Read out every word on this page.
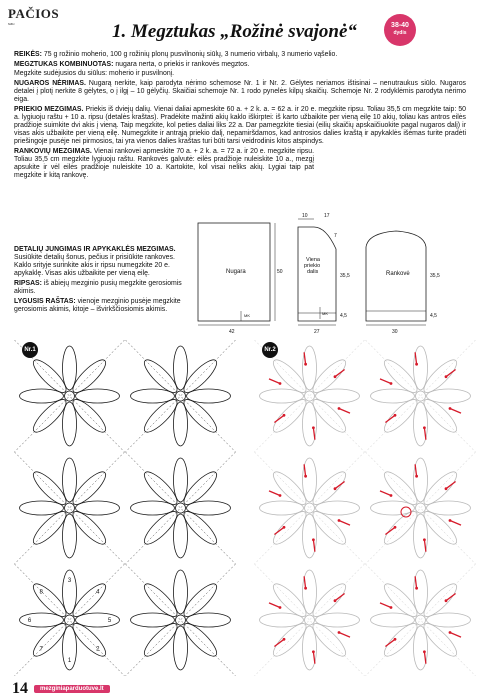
PAČIOS
sau	1. Megztukas „Rožinė svajonė“	38-40
dydis

REIKĖS: 75 g rožinio moherio, 100 g rožinių plonų pusvilnonių siūlų, 3 numerio virbalų, 3 numerio vąšelio.

MEGZTUKAS KOMBINUOTAS: nugara nerta, o priekis ir rankovės megztos.

Megzkite sudėjusios du siūlus: moherio ir pusvilnonį.

NUGAROS NĖRIMAS. Nugarą nerkite, kaip parodyta nėrimo schemose Nr. 1 ir Nr. 2. Gėlytes neriamos ištisinai – nenutraukus siūlo. Nugaros detalei į plotį nerkite 8 gėlytes, o į ilgį – 10 gėlyčių. Skaičiai schemoje Nr. 1 rodo pynelės kilpų skaičių. Schemoje Nr. 2 rodyklėmis parodyta nėrimo eiga.

PRIEKIO MEZGIMAS. Priekis iš dviejų dalių. Vienai daliai apmeskite 60 a. + 2 k. a. = 62 a. ir 20 e. megzkite ripsu. Toliau 35,5 cm megzkite taip: 50 a. lygiuoju raštu + 10 a. ripsu (detalės kraštas). Pradėkite mažinti akių kaklo iškirptei: iš karto užbaikite per vieną eilę 10 akių, toliau kas antros eilės pradžioje suimkite dvi akis į vieną. Taip megzkite, kol peties daliai liks 22 a. Dar pamegzkite tiesiai (eilių skaičių apskaičiuokite pagal nugaros dalį) ir visas akis užbaikite per vieną eilę. Numegzkite ir antrąją priekio dalį, nepamiršdamos, kad antrosios dalies kraštą ir apykaklės išėmas turite pradėti priešingoje pusėje nei pirmosios, tai yra vienos dalies kraštas turi būti tarsi veidrodinis kitos atspindys.

RANKOVIŲ MEZGIMAS. Vienai rankovei apmeskite 70 a. + 2 k. a. = 72 a. ir 20 e. megzkite ripsu. Toliau 35,5 cm megzkite lygiuoju raštu. Rankovės galvutė: eilės pradžioje nuleiskite 10 a., mezgį apsukite ir vėl eilės pradžioje nuleiskite 10 a. Kartokite, kol visai neliks akių. Lygiai taip pat megzkite ir kitą rankovę.

DETALIŲ JUNGIMAS IR APYKAKLĖS MEZGIMAS. Susiūkite detalių šonus, pečius ir prisiūkite rankoves. Kaklo srityje surinkite akis ir ripsu numegzkite 20 e. apykaklę. Visas akis užbaikite per vieną eilę.

RIPSAS: iš abiejų mezginio pusių megzkite gerosiomis akimis.

LYGUSIS RAŠTAS: vienoje mezginio pusėje megzkite gerosiomis akimis, kitoje – išvirkščiosiomis akimis.

Nugara
42
50
MK
10	17
7
Viena priekio dalis
35,5
4,5
27
MK
Rankovė	35,5
4,5
30
3
4
5
2
1
7
6
8
Nr.1	Nr.2
14	mezginiaparduotuve.lt
